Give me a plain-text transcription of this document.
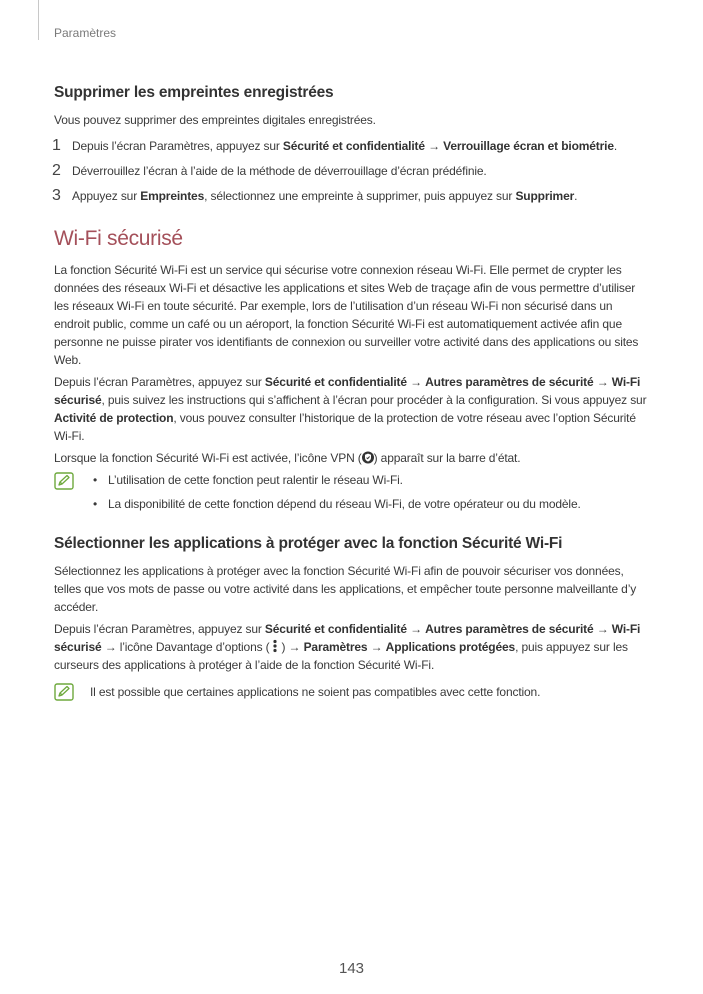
Paramètres
Supprimer les empreintes enregistrées

Vous pouvez supprimer des empreintes digitales enregistrées.

1 Depuis l’écran Paramètres, appuyez sur Sécurité et confidentialité → Verrouillage écran et biométrie.
2 Déverrouillez l’écran à l’aide de la méthode de déverrouillage d’écran prédéfinie.
3 Appuyez sur Empreintes, sélectionnez une empreinte à supprimer, puis appuyez sur Supprimer.
Wi-Fi sécurisé

La fonction Sécurité Wi-Fi est un service qui sécurise votre connexion réseau Wi-Fi. Elle permet de crypter les données des réseaux Wi-Fi et désactive les applications et sites Web de traçage afin de vous permettre d’utiliser les réseaux Wi-Fi en toute sécurité. Par exemple, lors de l’utilisation d’un réseau Wi-Fi non sécurisé dans un endroit public, comme un café ou un aéroport, la fonction Sécurité Wi-Fi est automatiquement activée afin que personne ne puisse pirater vos identifiants de connexion ou surveiller votre activité dans des applications ou sites Web.

Depuis l’écran Paramètres, appuyez sur Sécurité et confidentialité → Autres paramètres de sécurité → Wi-Fi sécurisé, puis suivez les instructions qui s’affichent à l’écran pour procéder à la configuration. Si vous appuyez sur Activité de protection, vous pouvez consulter l’historique de la protection de votre réseau avec l’option Sécurité Wi-Fi.

Lorsque la fonction Sécurité Wi-Fi est activée, l’icône VPN ( ) apparaît sur la barre d’état.

• L’utilisation de cette fonction peut ralentir le réseau Wi-Fi.
• La disponibilité de cette fonction dépend du réseau Wi-Fi, de votre opérateur ou du modèle.
Sélectionner les applications à protéger avec la fonction Sécurité Wi-Fi

Sélectionnez les applications à protéger avec la fonction Sécurité Wi-Fi afin de pouvoir sécuriser vos données, telles que vos mots de passe ou votre activité dans les applications, et empêcher toute personne malveillante d’y accéder.

Depuis l’écran Paramètres, appuyez sur Sécurité et confidentialité → Autres paramètres de sécurité → Wi-Fi sécurisé → l’icône Davantage d’options ( ) → Paramètres → Applications protégées, puis appuyez sur les curseurs des applications à protéger à l’aide de la fonction Sécurité Wi-Fi.

Il est possible que certaines applications ne soient pas compatibles avec cette fonction.

143
